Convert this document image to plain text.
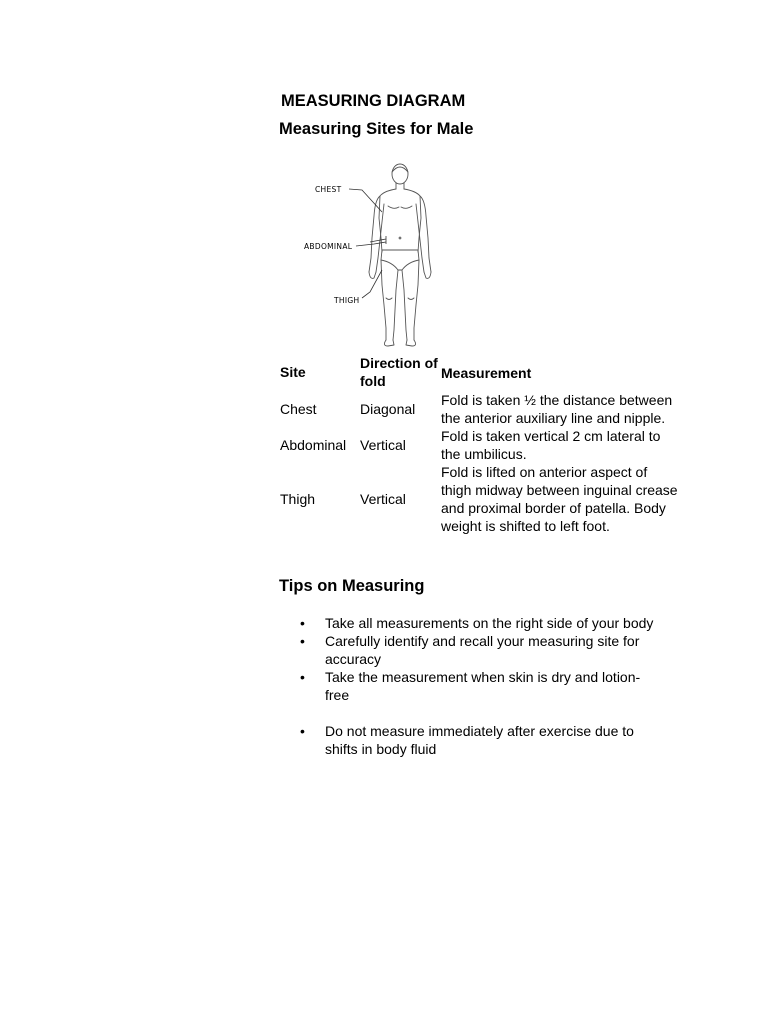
MEASURING DIAGRAM
Measuring Sites for Male
CHEST
ABDOMINAL
THIGH
Site	Direction of fold	Measurement
Chest	Diagonal	Fold is taken ½ the distance between the anterior auxiliary line and nipple.
Abdominal	Vertical	Fold is taken vertical 2 cm lateral to the umbilicus.
Thigh	Vertical	Fold is lifted on anterior aspect of thigh midway between inguinal crease and proximal border of patella. Body weight is shifted to left foot.
Tips on Measuring
• Take all measurements on the right side of your body
• Carefully identify and recall your measuring site for accuracy
• Take the measurement when skin is dry and lotion-free
• Do not measure immediately after exercise due to shifts in body fluid
